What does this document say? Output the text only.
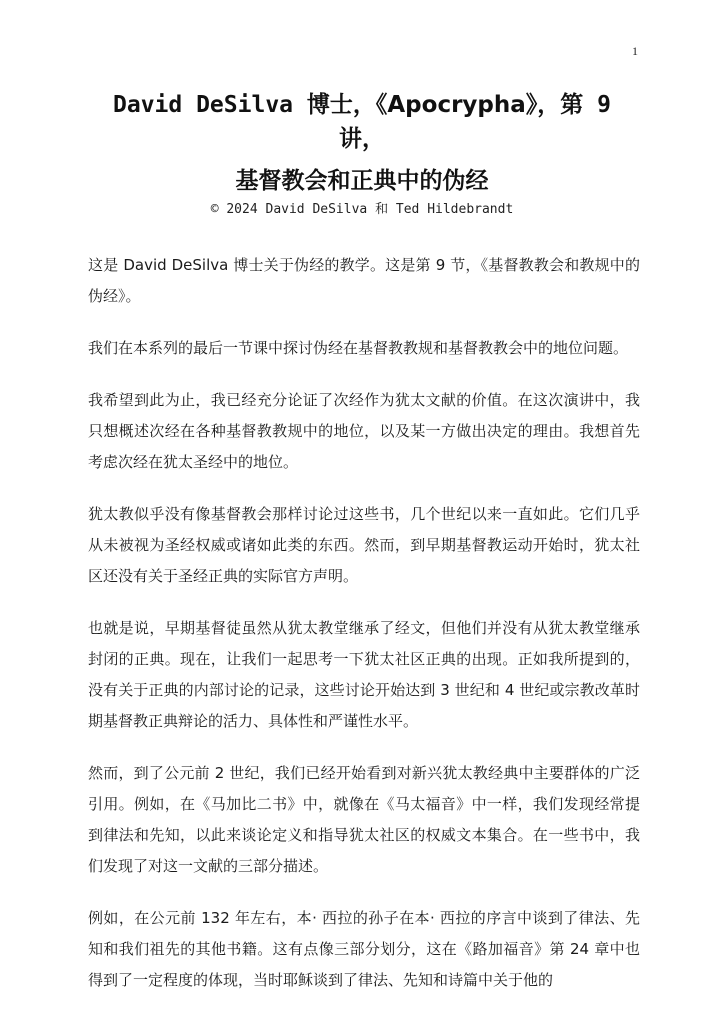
1
David DeSilva 博士，《Apocrypha》，第 9
讲，
基督教会和正典中的伪经
© 2024 David DeSilva 和 Ted Hildebrandt

这是 David DeSilva 博士关于伪经的教学。这是第 9 节，《基督教教会和教规中的伪经》。

我们在本系列的最后一节课中探讨伪经在基督教教规和基督教教会中的地位问题。

我希望到此为止，我已经充分论证了次经作为犹太文献的价值。在这次演讲中，我只想概述次经在各种基督教教规中的地位，以及某一方做出决定的理由。我想首先考虑次经在犹太圣经中的地位。

犹太教似乎没有像基督教会那样讨论过这些书，几个世纪以来一直如此。它们几乎从未被视为圣经权威或诸如此类的东西。然而，到早期基督教运动开始时，犹太社区还没有关于圣经正典的实际官方声明。

也就是说，早期基督徒虽然从犹太教堂继承了经文，但他们并没有从犹太教堂继承封闭的正典。现在，让我们一起思考一下犹太社区正典的出现。正如我所提到的，没有关于正典的内部讨论的记录，这些讨论开始达到 3 世纪和 4 世纪或宗教改革时期基督教正典辩论的活力、具体性和严谨性水平。

然而，到了公元前 2 世纪，我们已经开始看到对新兴犹太教经典中主要群体的广泛引用。例如，在《马加比二书》中，就像在《马太福音》中一样，我们发现经常提到律法和先知，以此来谈论定义和指导犹太社区的权威文本集合。在一些书中，我们发现了对这一文献的三部分描述。

例如，在公元前 132 年左右，本· 西拉的孙子在本· 西拉的序言中谈到了律法、先知和我们祖先的其他书籍。这有点像三部分划分，这在《路加福音》第 24 章中也得到了一定程度的体现，当时耶稣谈到了律法、先知和诗篇中关于他的
